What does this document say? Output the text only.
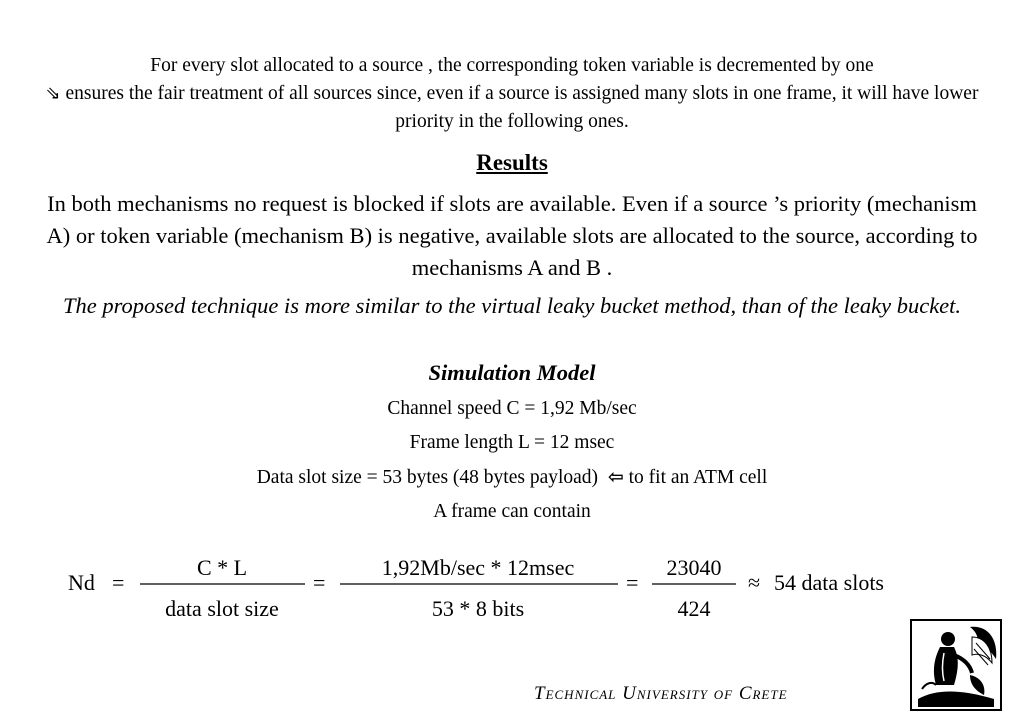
For every slot allocated to a source , the corresponding token variable is decremented by one
⇘ ensures the fair treatment of all sources since, even if a source is assigned many slots in one frame, it will have lower priority in the following ones.
Results
In both mechanisms no request is blocked if slots are available. Even if a source ’s priority (mechanism A) or token variable (mechanism B) is negative, available slots are allocated to the source, according to mechanisms A and B .
The proposed technique is more similar to the virtual leaky bucket method, than of the leaky bucket.
Simulation Model
Channel speed C = 1,92 Mb/sec
Frame length L = 12 msec
Data slot size = 53 bytes (48 bytes payload) ⇦ to fit an ATM cell
A frame can contain
Nd =
C * L
data slot size
=
1,92Mb/sec * 12msec
53 * 8 bits
=
23040
424
≈ 54 data slots
Technical University of Crete
